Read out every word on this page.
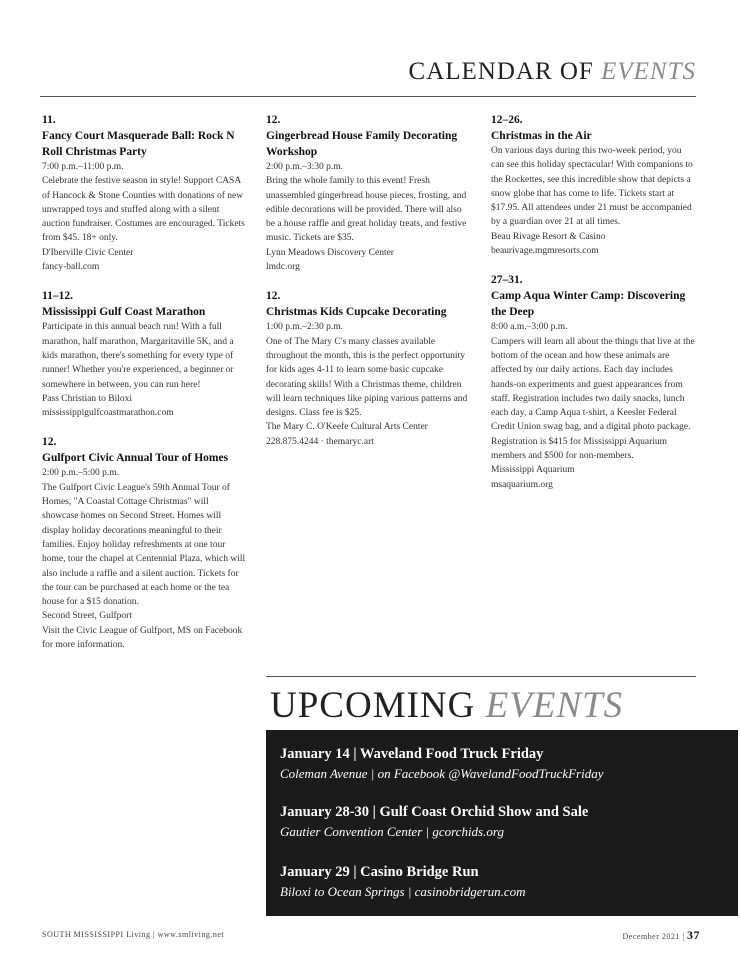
CALENDAR OF EVENTS
11.
Fancy Court Masquerade Ball: Rock N Roll Christmas Party
7:00 p.m.–11:00 p.m.
Celebrate the festive season in style! Support CASA of Hancock & Stone Counties with donations of new unwrapped toys and stuffed along with a silent auction fundraiser. Costumes are encouraged. Tickets from $45. 18+ only.
D'Iberville Civic Center
fancy-ball.com
11–12.
Mississippi Gulf Coast Marathon
Participate in this annual beach run! With a full marathon, half marathon, Margaritaville 5K, and a kids marathon, there's something for every type of runner! Whether you're experienced, a beginner or somewhere in between, you can run here!
Pass Christian to Biloxi
mississippigulfcoastmarathon.com
12.
Gulfport Civic Annual Tour of Homes
2:00 p.m.–5:00 p.m.
The Gulfport Civic League's 59th Annual Tour of Homes, "A Coastal Cottage Christmas" will showcase homes on Second Street. Homes will display holiday decorations meaningful to their families. Enjoy holiday refreshments at one tour home, tour the chapel at Centennial Plaza, which will also include a raffle and a silent auction. Tickets for the tour can be purchased at each home or the tea house for a $15 donation.
Second Street, Gulfport
Visit the Civic League of Gulfport, MS on Facebook for more information.
12.
Gingerbread House Family Decorating Workshop
2:00 p.m.–3:30 p.m.
Bring the whole family to this event! Fresh unassembled gingerbread house pieces, frosting, and edible decorations will be provided. There will also be a house raffle and great holiday treats, and festive music. Tickets are $35.
Lynn Meadows Discovery Center
lmdc.org
12.
Christmas Kids Cupcake Decorating
1:00 p.m.–2:30 p.m.
One of The Mary C's many classes available throughout the month, this is the perfect opportunity for kids ages 4-11 to learn some basic cupcake decorating skills! With a Christmas theme, children will learn techniques like piping various patterns and designs. Class fee is $25.
The Mary C. O'Keefe Cultural Arts Center
228.875.4244 · themaryc.art
12–26.
Christmas in the Air
On various days during this two-week period, you can see this holiday spectacular! With companions to the Rockettes, see this incredible show that depicts a snow globe that has come to life. Tickets start at $17.95. All attendees under 21 must be accompanied by a guardian over 21 at all times.
Beau Rivage Resort & Casino
beaurivage.mgmresorts.com
27–31.
Camp Aqua Winter Camp: Discovering the Deep
8:00 a.m.–3:00 p.m.
Campers will learn all about the things that live at the bottom of the ocean and how these animals are affected by our daily actions. Each day includes hands-on experiments and guest appearances from staff. Registration includes two daily snacks, lunch each day, a Camp Aqua t-shirt, a Keesler Federal Credit Union swag bag, and a digital photo package. Registration is $415 for Mississippi Aquarium members and $500 for non-members.
Mississippi Aquarium
msaquarium.org
UPCOMING EVENTS
January 14 | Waveland Food Truck Friday
Coleman Avenue | on Facebook @WavelandFoodTruckFriday
January 28-30 | Gulf Coast Orchid Show and Sale
Gautier Convention Center | gcorchids.org
January 29 | Casino Bridge Run
Biloxi to Ocean Springs | casinobridgerun.com
SOUTH MISSISSIPPI Living | www.smliving.net	December 2021 | 37
